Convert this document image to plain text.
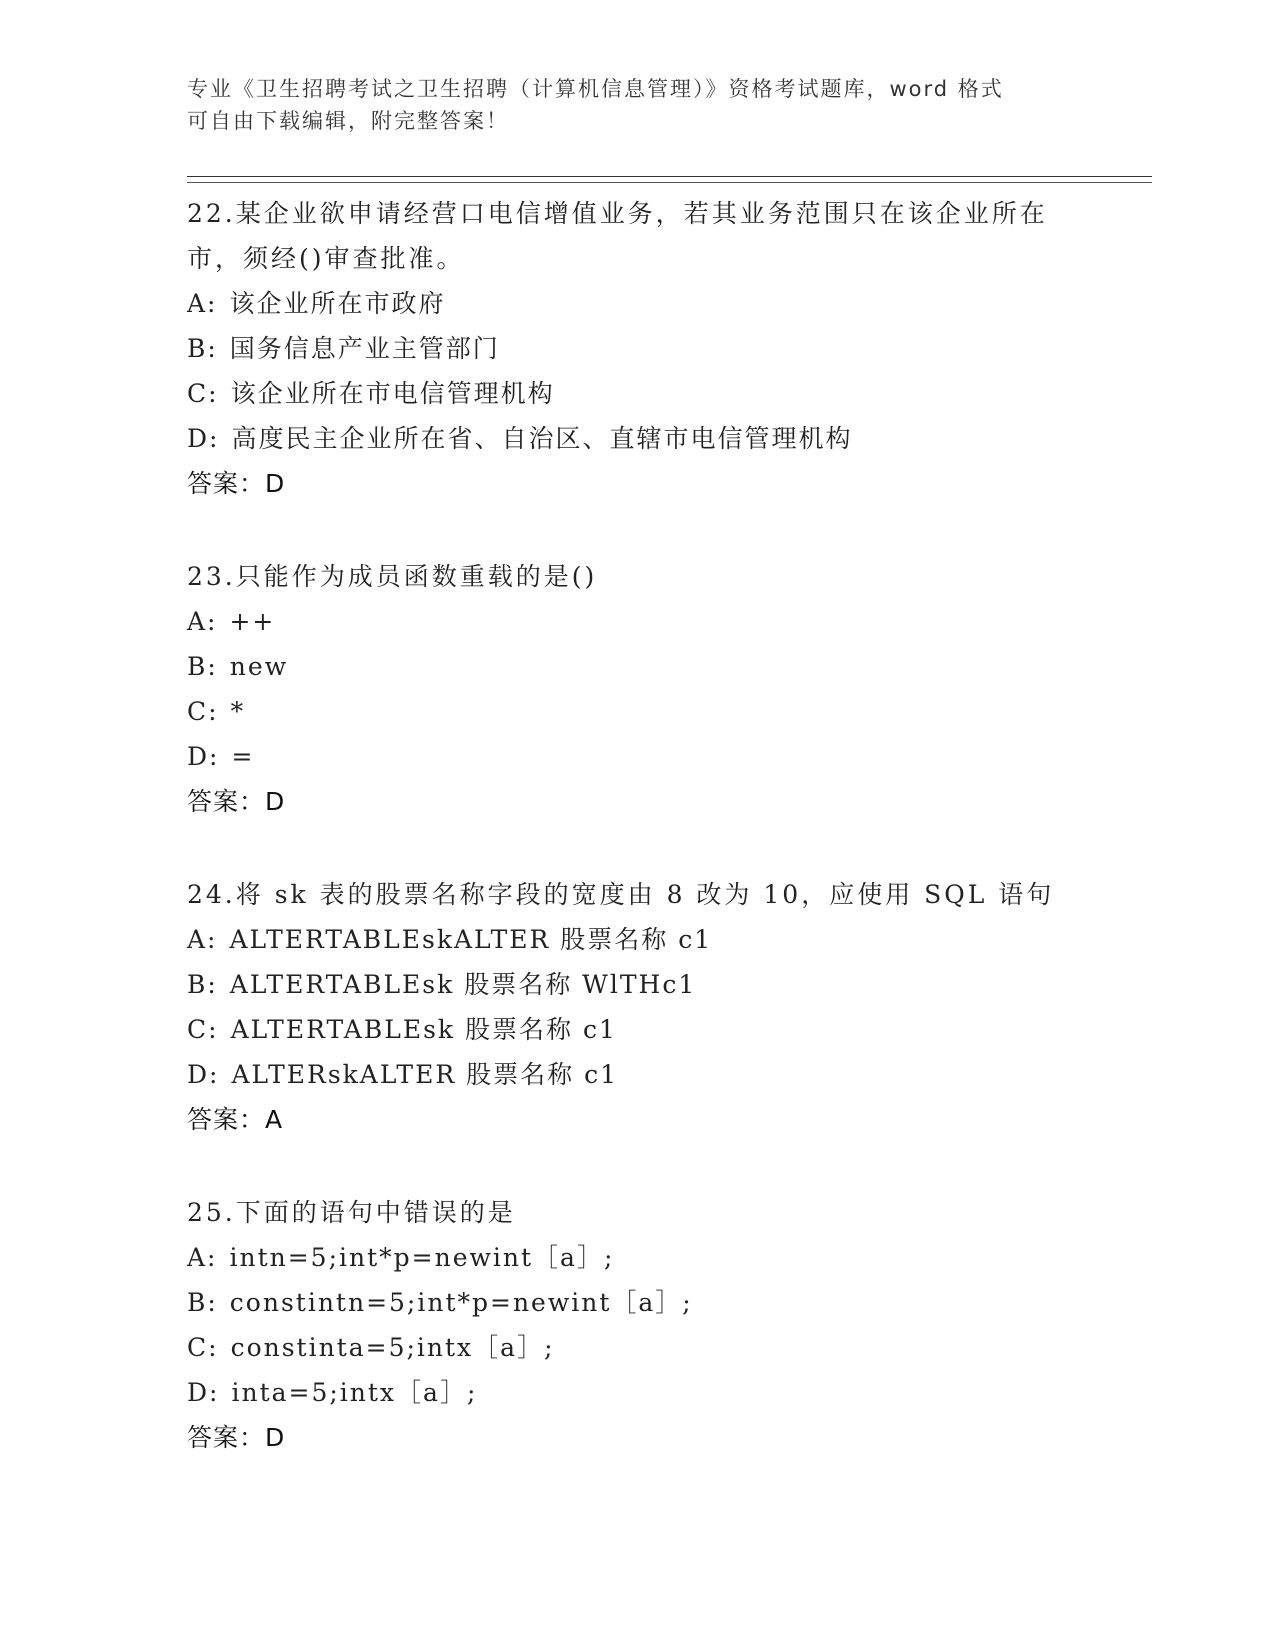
专业《卫生招聘考试之卫生招聘（计算机信息管理）》资格考试题库，word 格式
可自由下载编辑，附完整答案！
22.某企业欲申请经营口电信增值业务，若其业务范围只在该企业所在市，须经()审查批准。
A: 该企业所在市政府
B: 国务信息产业主管部门
C: 该企业所在市电信管理机构
D: 高度民主企业所在省、自治区、直辖市电信管理机构
答案：D
23.只能作为成员函数重载的是()
A: ++
B: new
C: *
D: =
答案：D
24.将 sk 表的股票名称字段的宽度由 8 改为 10，应使用 SQL 语句
A: ALTERTABLEskALTER 股票名称 c1
B: ALTERTABLEsk 股票名称 WlTHc1
C: ALTERTABLEsk 股票名称 c1
D: ALTERskALTER 股票名称 c1
答案：A
25.下面的语句中错误的是
A: intn=5;int*p=newint［a］;
B: constintn=5;int*p=newint［a］;
C: constinta=5;intx［a］;
D: inta=5;intx［a］;
答案：D
